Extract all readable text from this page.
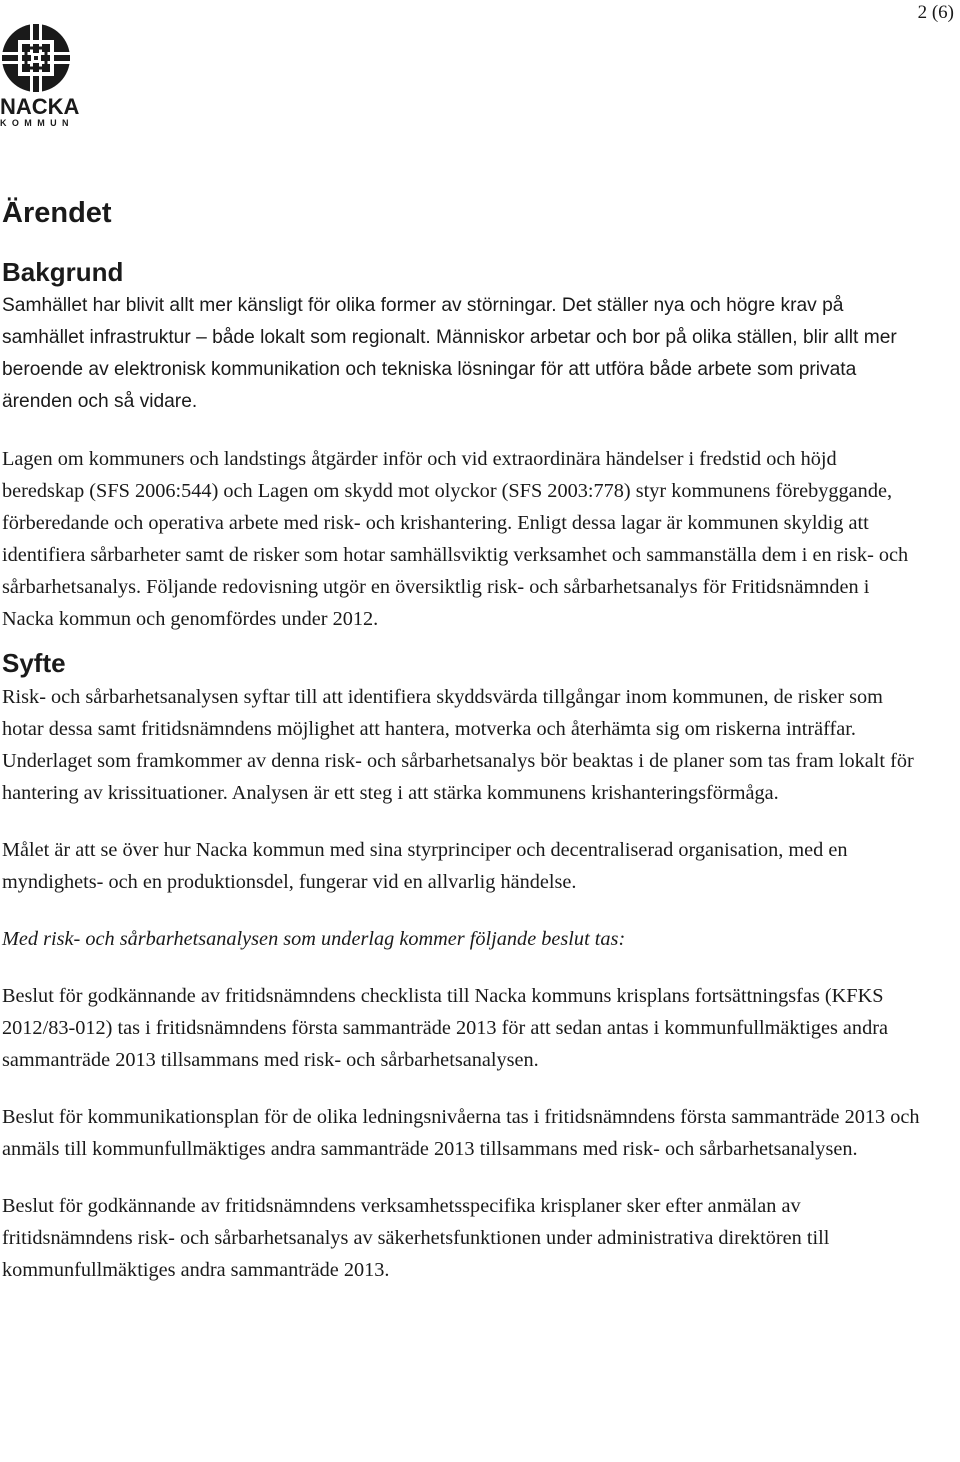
2 (6)
NACKA
KOMMUN
Ärendet
Bakgrund

Samhället har blivit allt mer känsligt för olika former av störningar. Det ställer nya och högre krav på samhället infrastruktur – både lokalt som regionalt. Människor arbetar och bor på olika ställen, blir allt mer beroende av elektronisk kommunikation och tekniska lösningar för att utföra både arbete som privata ärenden och så vidare.

Lagen om kommuners och landstings åtgärder inför och vid extraordinära händelser i fredstid och höjd beredskap (SFS 2006:544) och Lagen om skydd mot olyckor (SFS 2003:778) styr kommunens förebyggande, förberedande och operativa arbete med risk- och krishantering. Enligt dessa lagar är kommunen skyldig att identifiera sårbarheter samt de risker som hotar samhällsviktig verksamhet och sammanställa dem i en risk- och sårbarhetsanalys. Följande redovisning utgör en översiktlig risk- och sårbarhetsanalys för Fritidsnämnden i Nacka kommun och genomfördes under 2012.

Syfte

Risk- och sårbarhetsanalysen syftar till att identifiera skyddsvärda tillgångar inom kommunen, de risker som hotar dessa samt fritidsnämndens möjlighet att hantera, motverka och återhämta sig om riskerna inträffar. Underlaget som framkommer av denna risk- och sårbarhetsanalys bör beaktas i de planer som tas fram lokalt för hantering av krissituationer. Analysen är ett steg i att stärka kommunens krishanteringsförmåga.

Målet är att se över hur Nacka kommun med sina styrprinciper och decentraliserad organisation, med en myndighets- och en produktionsdel, fungerar vid en allvarlig händelse.

Med risk- och sårbarhetsanalysen som underlag kommer följande beslut tas:

Beslut för godkännande av fritidsnämndens checklista till Nacka kommuns krisplans fortsättningsfas (KFKS 2012/83-012) tas i fritidsnämndens första sammanträde 2013 för att sedan antas i kommunfullmäktiges andra sammanträde 2013 tillsammans med risk- och sårbarhetsanalysen.

Beslut för kommunikationsplan för de olika ledningsnivåerna tas i fritidsnämndens första sammanträde 2013 och anmäls till kommunfullmäktiges andra sammanträde 2013 tillsammans med risk- och sårbarhetsanalysen.

Beslut för godkännande av fritidsnämndens verksamhetsspecifika krisplaner sker efter anmälan av fritidsnämndens risk- och sårbarhetsanalys av säkerhetsfunktionen under administrativa direktören till kommunfullmäktiges andra sammanträde 2013.
